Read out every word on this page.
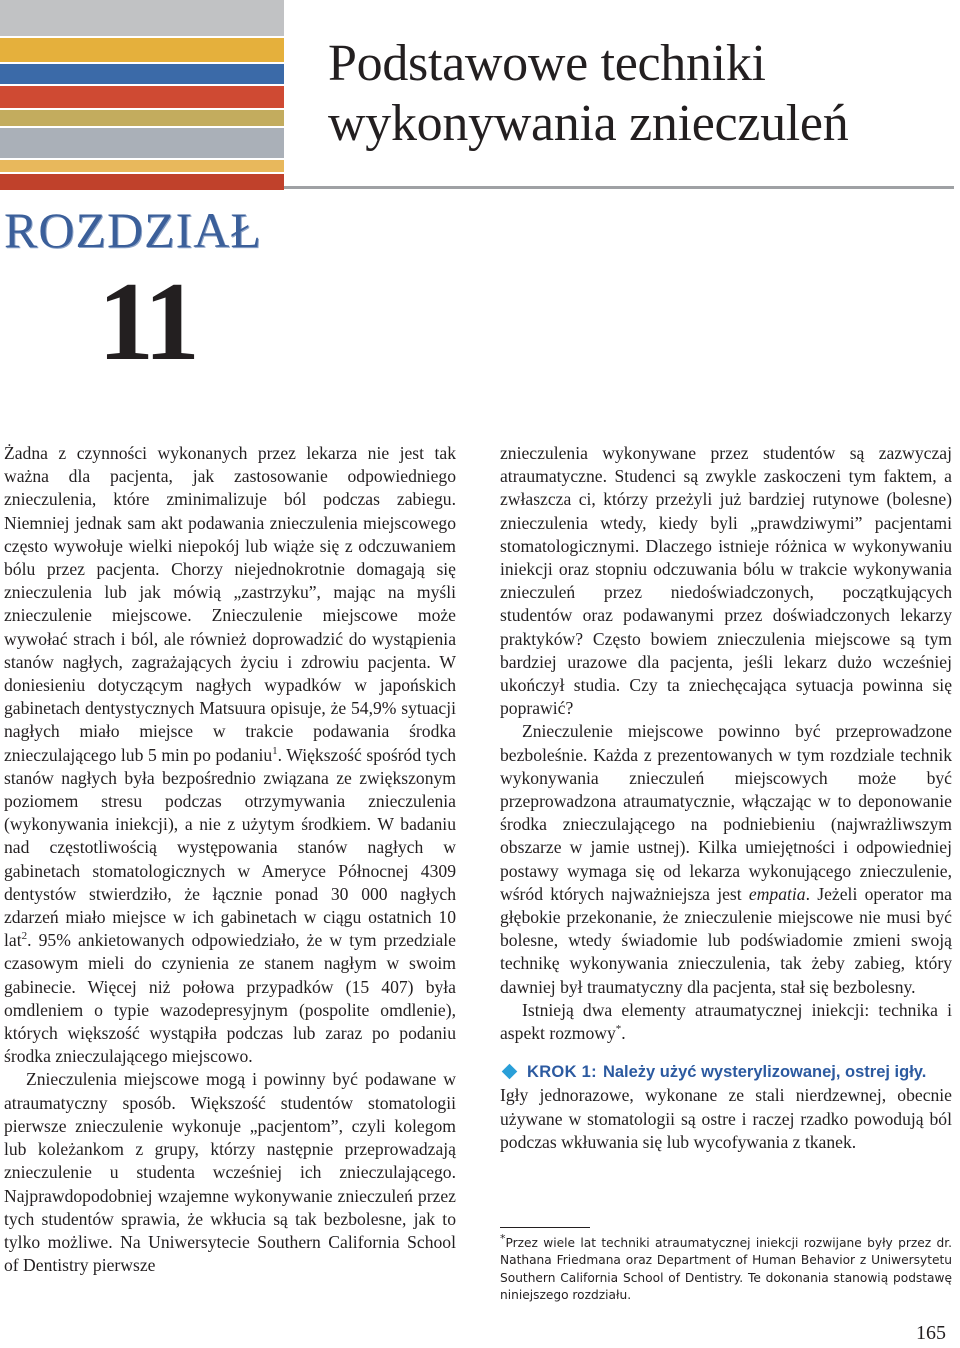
Podstawowe techniki
wykonywania znieczuleń
ROZDZIAŁ
11

Żadna z czynności wykonanych przez lekarza nie jest tak ważna dla pacjenta, jak zastosowanie odpowiedniego znieczulenia, które zminimalizuje ból podczas zabiegu. Niemniej jednak sam akt podawania znieczulenia miejscowego często wywołuje wielki niepokój lub wiąże się z odczuwaniem bólu przez pacjenta. Chorzy niejednokrotnie domagają się znieczulenia lub jak mówią „zastrzyku”, mając na myśli znieczulenie miejscowe. Znieczulenie miejscowe może wywołać strach i ból, ale również doprowadzić do wystąpienia stanów nagłych, zagrażających życiu i zdrowiu pacjenta. W doniesieniu dotyczącym nagłych wypadków w japońskich gabinetach dentystycznych Matsuura opisuje, że 54,9% sytuacji nagłych miało miejsce w trakcie podawania środka znieczulającego lub 5 min po podaniu$^1$. Większość spośród tych stanów nagłych była bezpośrednio związana ze zwiększonym poziomem stresu podczas otrzymywania znieczulenia (wykonywania iniekcji), a nie z użytym środkiem. W badaniu nad częstotliwością występowania stanów nagłych w gabinetach stomatologicznych w Ameryce Północnej 4309 dentystów stwierdziło, że łącznie ponad 30 000 nagłych zdarzeń miało miejsce w ich gabinetach w ciągu ostatnich 10 lat$^2$. 95% ankietowanych odpowiedziało, że w tym przedziale czasowym mieli do czynienia ze stanem nagłym w swoim gabinecie. Więcej niż połowa przypadków (15 407) była omdleniem o typie wazodepresyjnym (pospolite omdlenie), których większość wystąpiła podczas lub zaraz po podaniu środka znieczulającego miejscowo.

Znieczulenia miejscowe mogą i powinny być podawane w atraumatyczny sposób. Większość studentów stomatologii pierwsze znieczulenie wykonuje „pacjentom”, czyli kolegom lub koleżankom z grupy, którzy następnie przeprowadzają znieczulenie u studenta wcześniej ich znieczulającego. Najprawdopodobniej wzajemne wykonywanie znieczuleń przez tych studentów sprawia, że wkłucia są tak bezbolesne, jak to tylko możliwe. Na Uniwersytecie Southern California School of Dentistry pierwsze

znieczulenia wykonywane przez studentów są zazwyczaj atraumatyczne. Studenci są zwykle zaskoczeni tym faktem, a zwłaszcza ci, którzy przeżyli już bardziej rutynowe (bolesne) znieczulenia wtedy, kiedy byli „prawdziwymi” pacjentami stomatologicznymi. Dlaczego istnieje różnica w wykonywaniu iniekcji oraz stopniu odczuwania bólu w trakcie wykonywania znieczuleń przez niedoświadczonych, początkujących studentów oraz podawanymi przez doświadczonych lekarzy praktyków? Często bowiem znieczulenia miejscowe są tym bardziej urazowe dla pacjenta, jeśli lekarz dużo wcześniej ukończył studia. Czy ta zniechęcająca sytuacja powinna się poprawić?

Znieczulenie miejscowe powinno być przeprowadzone bezboleśnie. Każda z prezentowanych w tym rozdziale technik wykonywania znieczuleń miejscowych może być przeprowadzona atraumatycznie, włączając w to deponowanie środka znieczulającego na podniebieniu (najwrażliwszym obszarze w jamie ustnej). Kilka umiejętności i odpowiedniej postawy wymaga się od lekarza wykonującego znieczulenie, wśród których najważniejsza jest empatia. Jeżeli operator ma głębokie przekonanie, że znieczulenie miejscowe nie musi być bolesne, wtedy świadomie lub podświadomie zmieni swoją technikę wykonywania znieczulenia, tak żeby zabieg, który dawniej był traumatyczny dla pacjenta, stał się bezbolesny.

Istnieją dwa elementy atraumatycznej iniekcji: technika i aspekt rozmowy*.

KROK 1: Należy użyć wysterylizowanej, ostrej igły.

Igły jednorazowe, wykonane ze stali nierdzewnej, obecnie używane w stomatologii są ostre i raczej rzadko powodują ból podczas wkłuwania się lub wycofywania z tkanek.

*Przez wiele lat techniki atraumatycznej iniekcji rozwijane były przez dr. Nathana Friedmana oraz Department of Human Behavior z Uniwersytetu Southern California School of Dentistry. Te dokonania stanowią podstawę niniejszego rozdziału.
165
